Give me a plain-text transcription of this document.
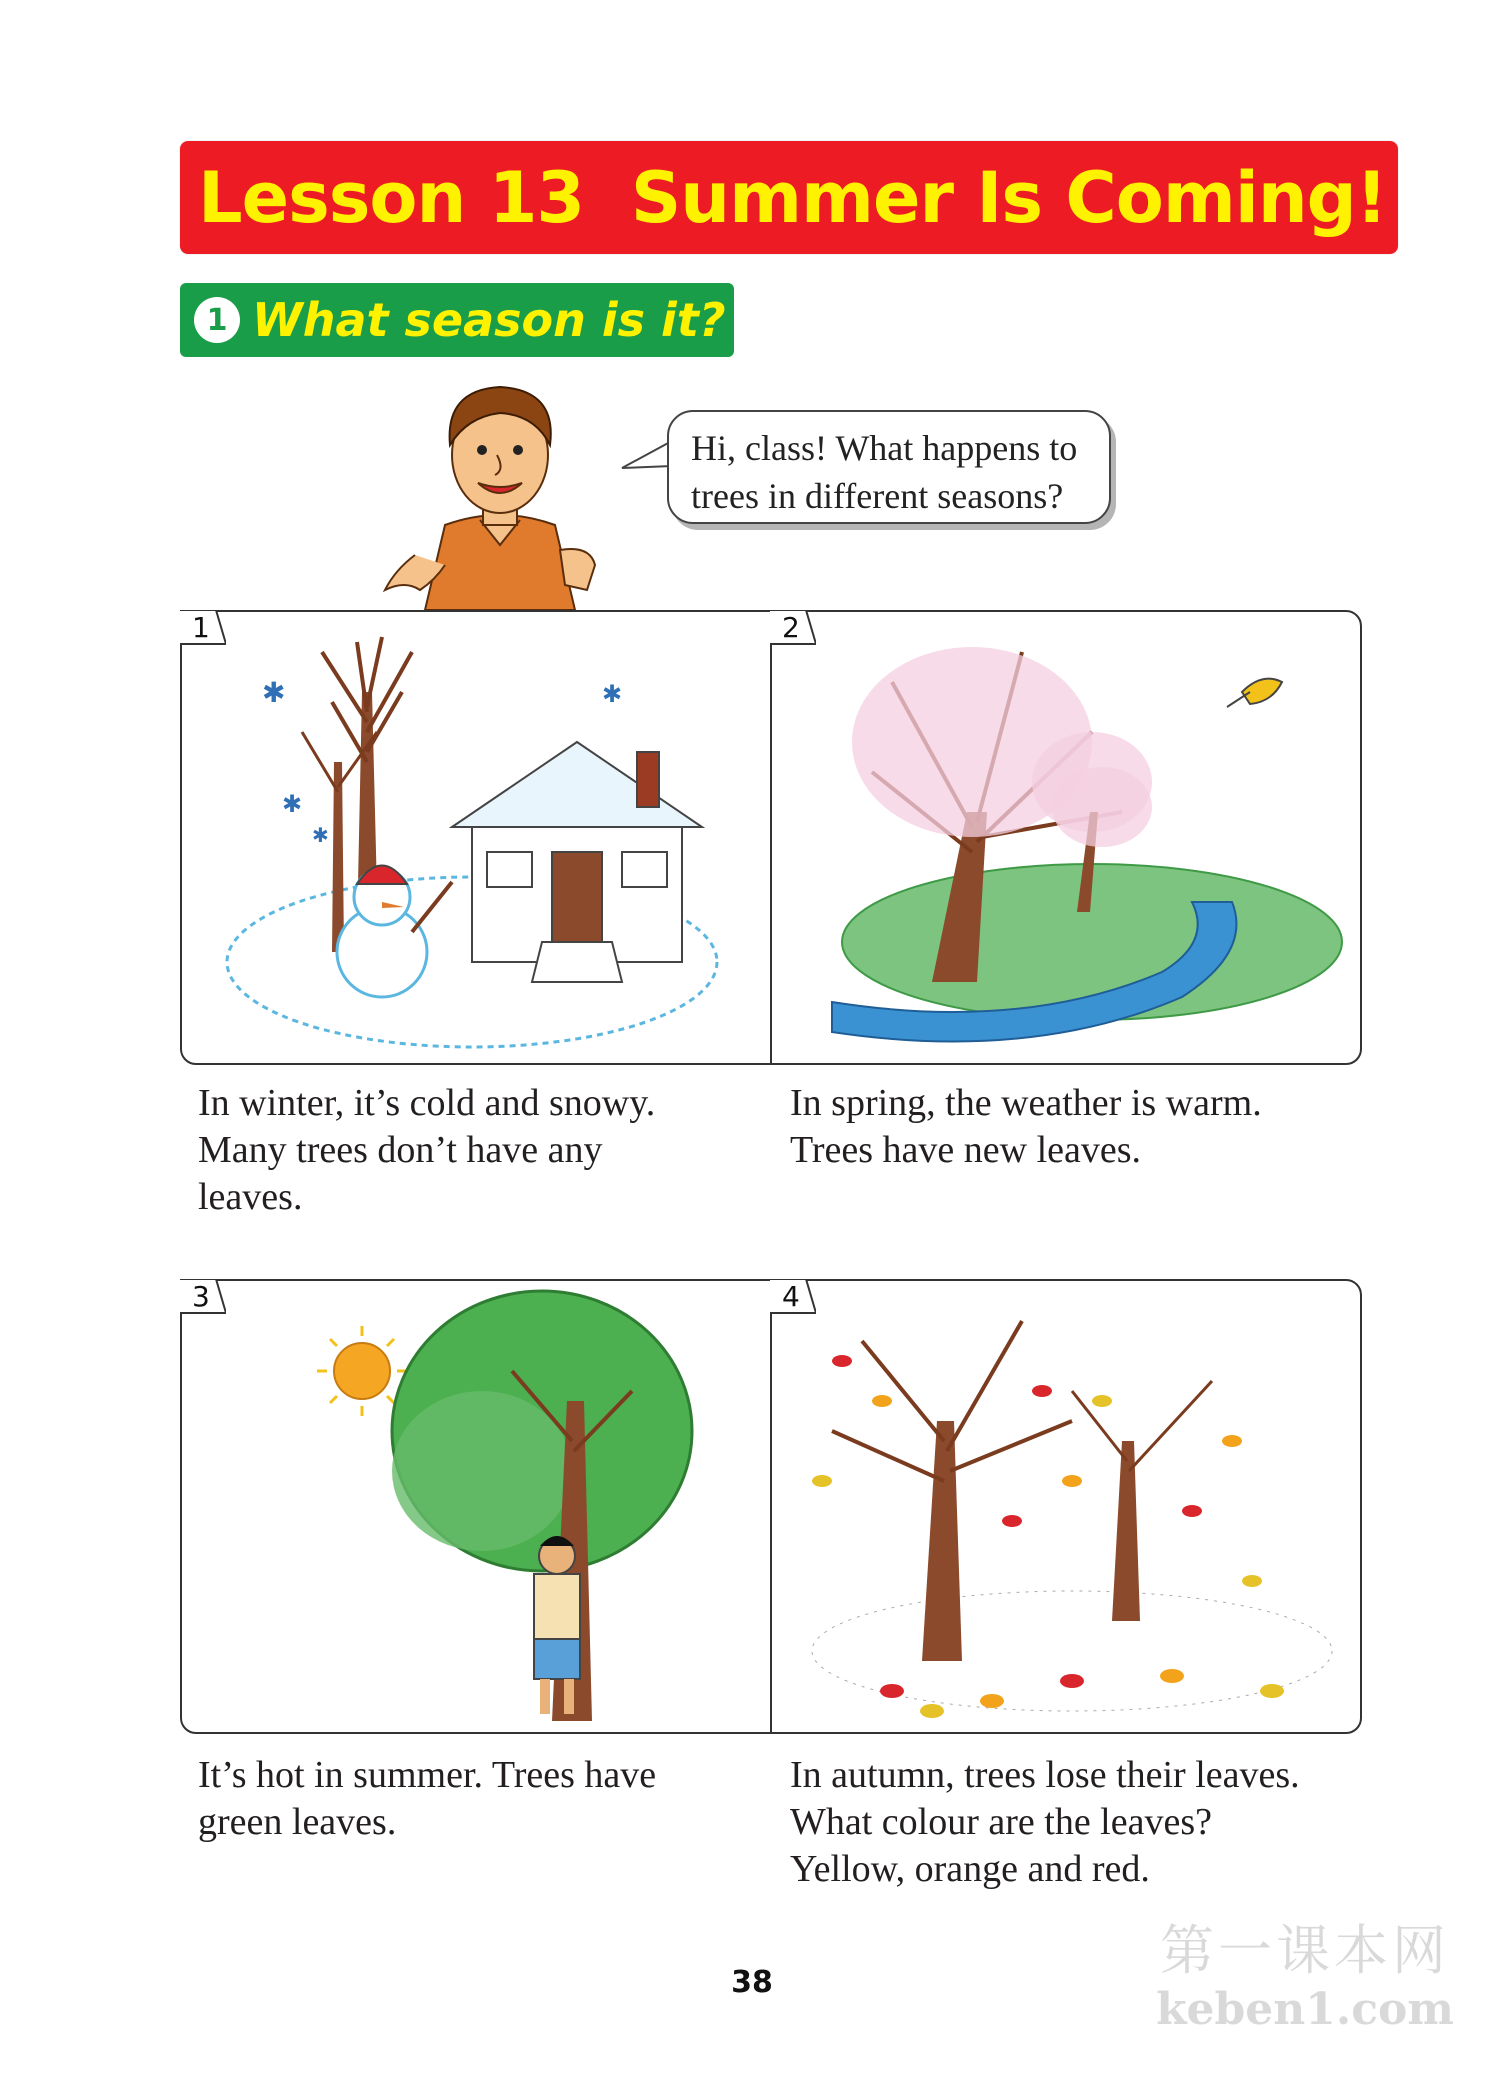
Lesson 13  Summer Is Coming!
1 What season is it?
Hi, class! What happens to
trees in different seasons?
✱	✱
✱
✱
1	2
3	4
In winter, it’s cold and snowy.
Many trees don’t have any
leaves.
In spring, the weather is warm.
Trees have new leaves.
It’s hot in summer. Trees have
green leaves.
In autumn, trees lose their leaves.
What colour are the leaves?
Yellow, orange and red.
38
第一课本网
keben1.com
